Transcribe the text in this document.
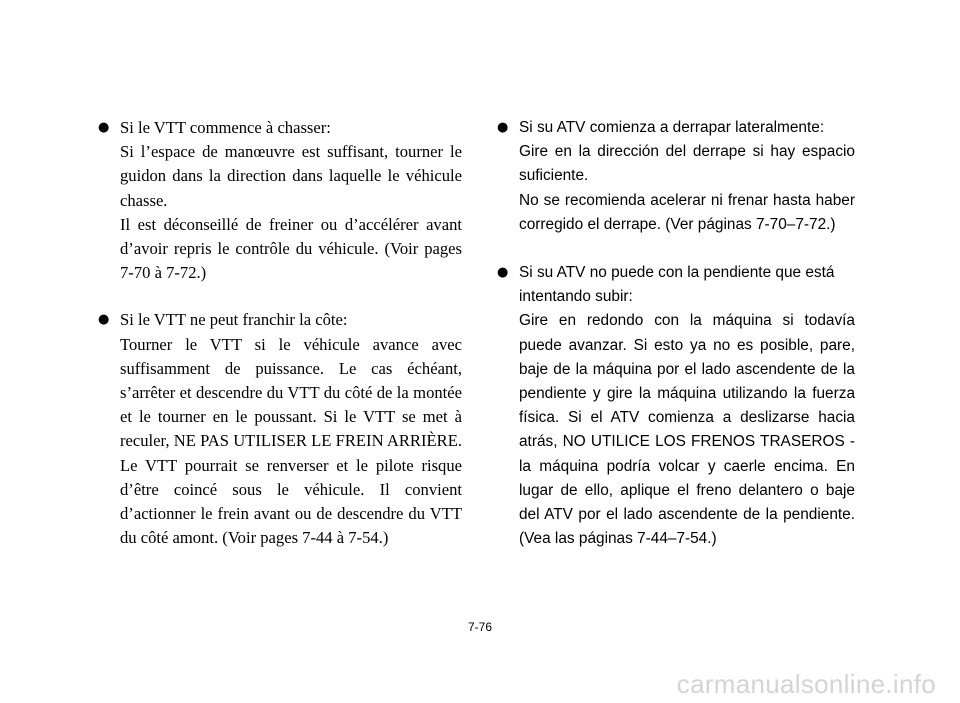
● Si le VTT commence à chasser:
Si l’espace de manœuvre est suffisant, tourner le guidon dans la direction dans laquelle le véhicule chasse.
Il est déconseillé de freiner ou d’accélérer avant d’avoir repris le contrôle du véhicule. (Voir pages 7-70 à 7-72.)
● Si le VTT ne peut franchir la côte:
Tourner le VTT si le véhicule avance avec suffisamment de puissance. Le cas échéant, s’arrêter et descendre du VTT du côté de la montée et le tourner en le poussant. Si le VTT se met à reculer, NE PAS UTILISER LE FREIN ARRIÈRE. Le VTT pourrait se renverser et le pilote risque d’être coincé sous le véhicule. Il convient d’actionner le frein avant ou de descendre du VTT du côté amont. (Voir pages 7-44 à 7-54.)
● Si su ATV comienza a derrapar lateralmente:
Gire en la dirección del derrape si hay espacio suficiente.
No se recomienda acelerar ni frenar hasta haber corregido el derrape. (Ver páginas 7-70–7-72.)
● Si su ATV no puede con la pendiente que está intentando subir:
Gire en redondo con la máquina si todavía puede avanzar. Si esto ya no es posible, pare, baje de la máquina por el lado ascendente de la pendiente y gire la máquina utilizando la fuerza física. Si el ATV comienza a deslizarse hacia atrás, NO UTILICE LOS FRENOS TRASEROS - la máquina podría volcar y caerle encima. En lugar de ello, aplique el freno delantero o baje del ATV por el lado ascendente de la pendiente. (Vea las páginas 7-44–7-54.)
7-76
carmanualsonline.info
